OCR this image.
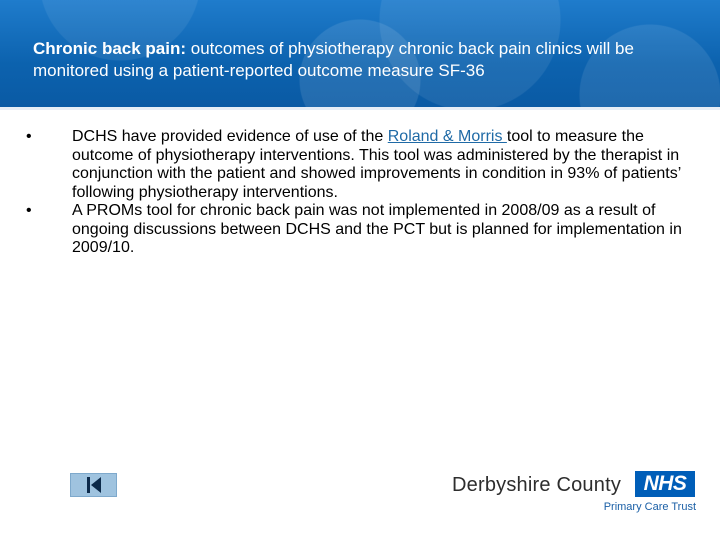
Chronic back pain: outcomes of physiotherapy chronic back pain clinics will be monitored using a patient-reported outcome measure SF-36
•	DCHS have provided evidence of use of the Roland & Morris tool to measure the outcome of physiotherapy interventions. This tool was administered by the therapist in conjunction with the patient and showed improvements in condition in 93% of patients’ following physiotherapy interventions.
•	A PROMs tool for chronic back pain was not implemented in 2008/09 as a result of ongoing discussions between DCHS and the PCT but is planned for implementation in 2009/10.
Derbyshire County	NHS
Primary Care Trust
